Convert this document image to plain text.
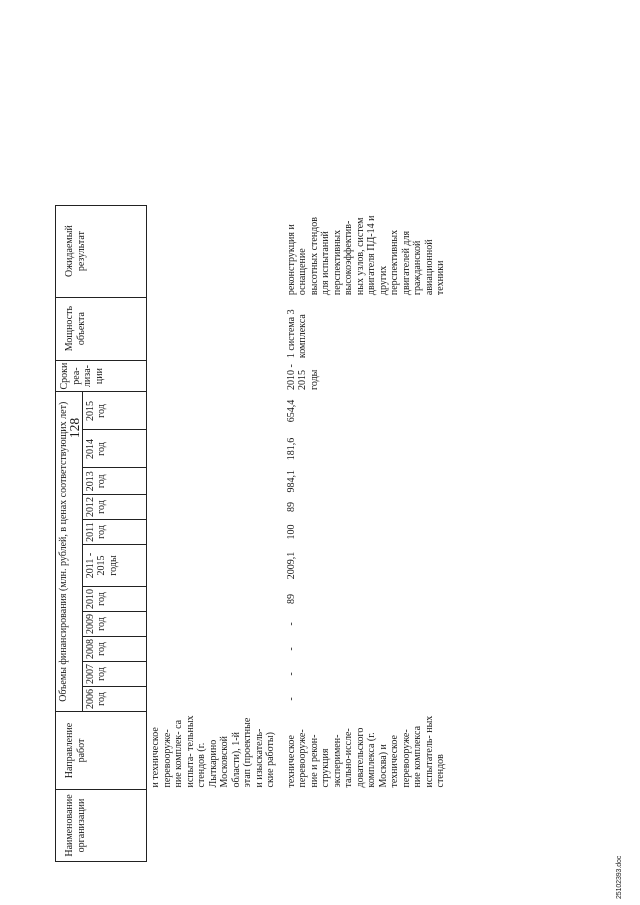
128
25102393.doc
Наименование организации	Направление работ	Объемы финансирования (млн. рублей, в ценах соответствующих лет)											Сроки реа- лиза- ции	Мощность объекта	Ожидаемый результат
		2006 год	2007 год	2008 год	2009 год	2010 год	2011 - 2015 годы	2011 год	2012 год	2013 год	2014 год	2015 год			
	и техническое перевооруже- ние комплек- са испыта- тельных стендов (г. Лыткарино Московской области), 1-й этап (проектные и изыскатель- ские работы)														
	техническое перевооруже- ние и рекон- струкция эксперимен- тально-иссле- довательского комплекса (г. Москва) и техническое перевооруже- ние комплекса испытатель- ных стендов	-	-	-	-	89	2009,1	100	89	984,1	181,6	654,4	2010 - 2015 годы	1 система 3 комплекса	реконструкция и оснащение высотных стендов для испытаний перспективных высокоэффектив- ных узлов, систем двигателя ПД-14 и других перспективных двигателей для гражданской авиационной техники
